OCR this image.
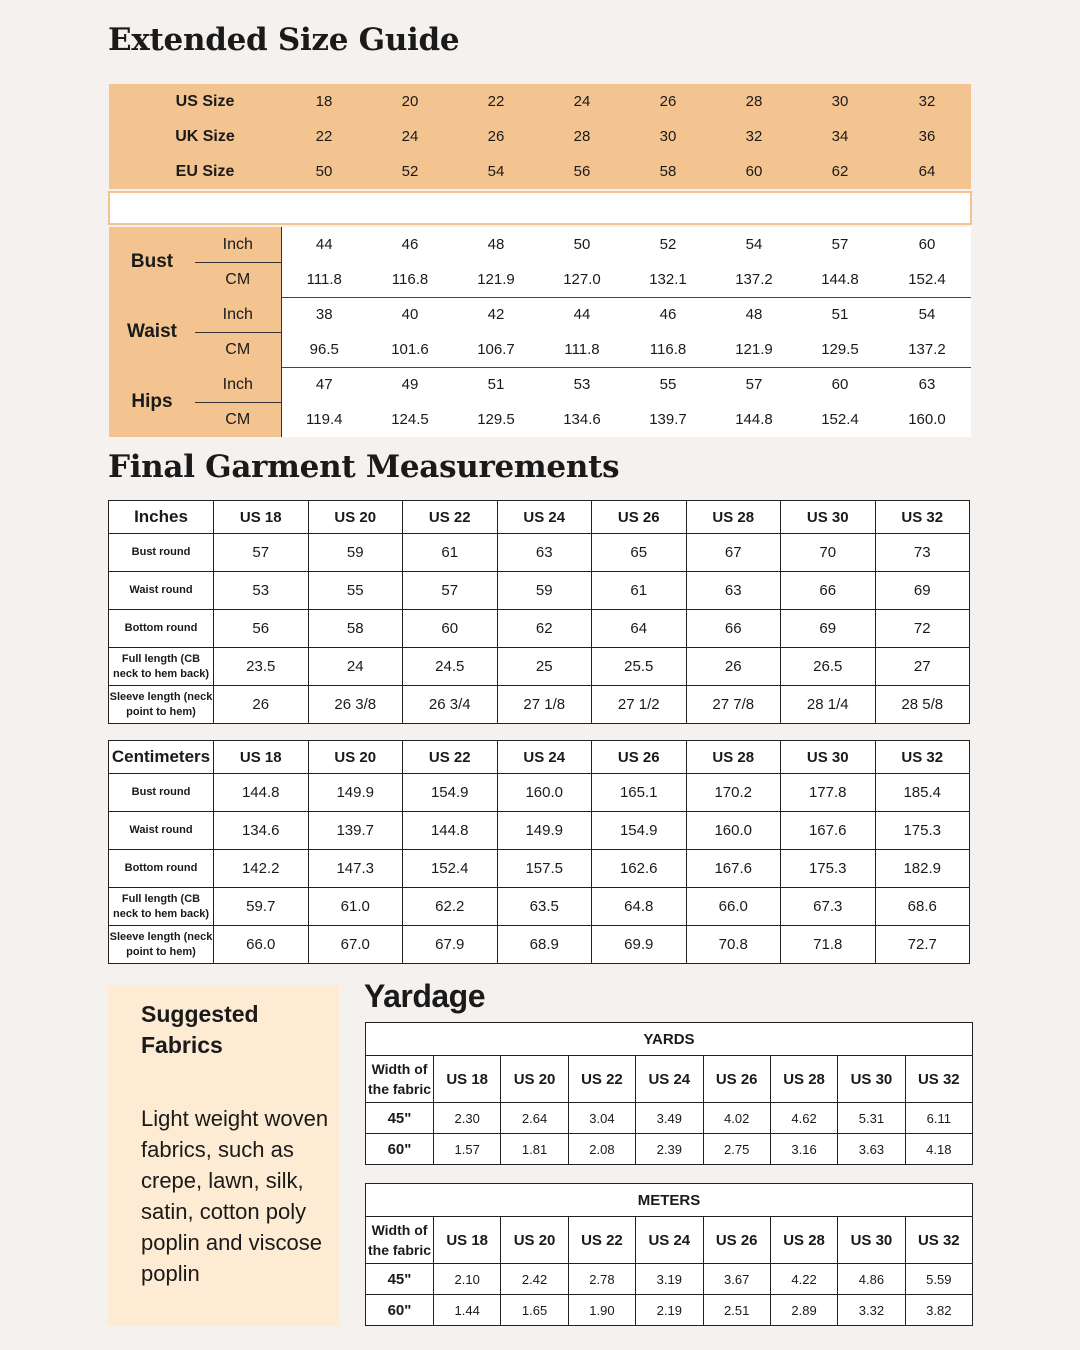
Extended Size Guide
US Size		18	20	22	24	26	28	30	32
UK Size		22	24	26	28	30	32	34	36
EU Size		50	52	54	56	58	60	62	64

Bust	Inch	44	46	48	50	52	54	57	60
	CM	111.8	116.8	121.9	127.0	132.1	137.2	144.8	152.4
Waist	Inch	38	40	42	44	46	48	51	54
	CM	96.5	101.6	106.7	111.8	116.8	121.9	129.5	137.2
Hips	Inch	47	49	51	53	55	57	60	63
	CM	119.4	124.5	129.5	134.6	139.7	144.8	152.4	160.0
Final Garment Measurements
Inches	US 18	US 20	US 22	US 24	US 26	US 28	US 30	US 32
Bust round	57	59	61	63	65	67	70	73
Waist round	53	55	57	59	61	63	66	69
Bottom round	56	58	60	62	64	66	69	72
Full length (CB neck to hem back)	23.5	24	24.5	25	25.5	26	26.5	27
Sleeve length (neck point to hem)	26	26 3/8	26 3/4	27 1/8	27 1/2	27 7/8	28 1/4	28 5/8
Centimeters	US 18	US 20	US 22	US 24	US 26	US 28	US 30	US 32
Bust round	144.8	149.9	154.9	160.0	165.1	170.2	177.8	185.4
Waist round	134.6	139.7	144.8	149.9	154.9	160.0	167.6	175.3
Bottom round	142.2	147.3	152.4	157.5	162.6	167.6	175.3	182.9
Full length (CB neck to hem back)	59.7	61.0	62.2	63.5	64.8	66.0	67.3	68.6
Sleeve length (neck point to hem)	66.0	67.0	67.9	68.9	69.9	70.8	71.8	72.7

Suggested Fabrics

Light weight woven fabrics, such as crepe, lawn, silk, satin, cotton poly poplin and viscose poplin
Yardage
YARDS								
Width of the fabric	US 18	US 20	US 22	US 24	US 26	US 28	US 30	US 32
45"	2.30	2.64	3.04	3.49	4.02	4.62	5.31	6.11
60"	1.57	1.81	2.08	2.39	2.75	3.16	3.63	4.18
METERS								
Width of the fabric	US 18	US 20	US 22	US 24	US 26	US 28	US 30	US 32
45"	2.10	2.42	2.78	3.19	3.67	4.22	4.86	5.59
60"	1.44	1.65	1.90	2.19	2.51	2.89	3.32	3.82
